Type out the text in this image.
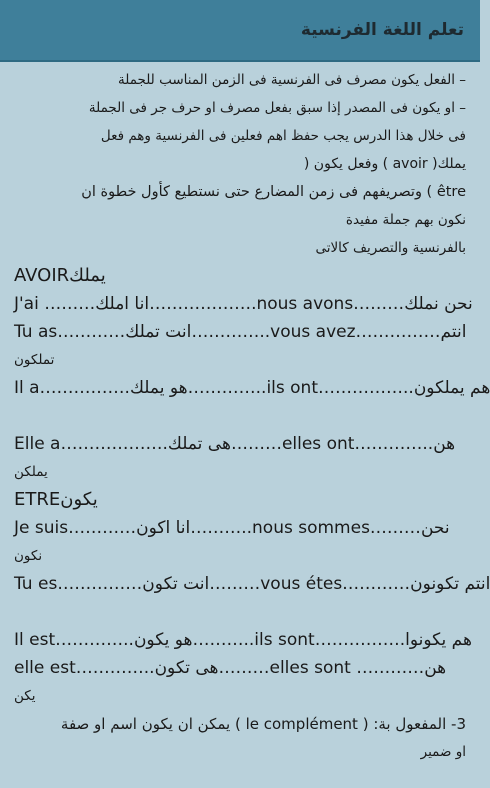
تعلم اللغة الفرنسية
– الفعل يكون مصرف فى الفرنسية فى الزمن المناسب للجملة
– او يكون فى المصدر إذا سبق بفعل مصرف او حرف جر فى الجملة
فى خلال هذا الدرس يجب حفظ اهم فعلين فى الفرنسية وهم فعل
يملك( avoir ) وفعل يكون (
être ) وتصريفهم فى زمن المضارع حتى نستطيع كأول خطوة ان
نكون بهم جملة مفيدة
بالفرنسية والتصريف كالاتى
AVOIRيملك
J'ai ………انا املك……………….nous avons………نحن نملك
Tu as…………انت تملك…………..vous avez……………انتم
تملكون
Il a…………….هو يملك…………..ils ont……………..هم يملكون
Elle a……………….هى تملك………elles ont…………..هن
يملكن
ETREيكون
Je suis…………انا اكون………..nous sommes………نحن
نكون
Tu es……………انت تكون………vous étes…………انتم تكونون
Il est…………..هو يكون………..ils sont…………….هم يكونوا
elle est…………..هى تكون………elles sont …………هن
يكن
3- المفعول بة: ( le complément ) يمكن ان يكون اسم او صفة
او ضمير
